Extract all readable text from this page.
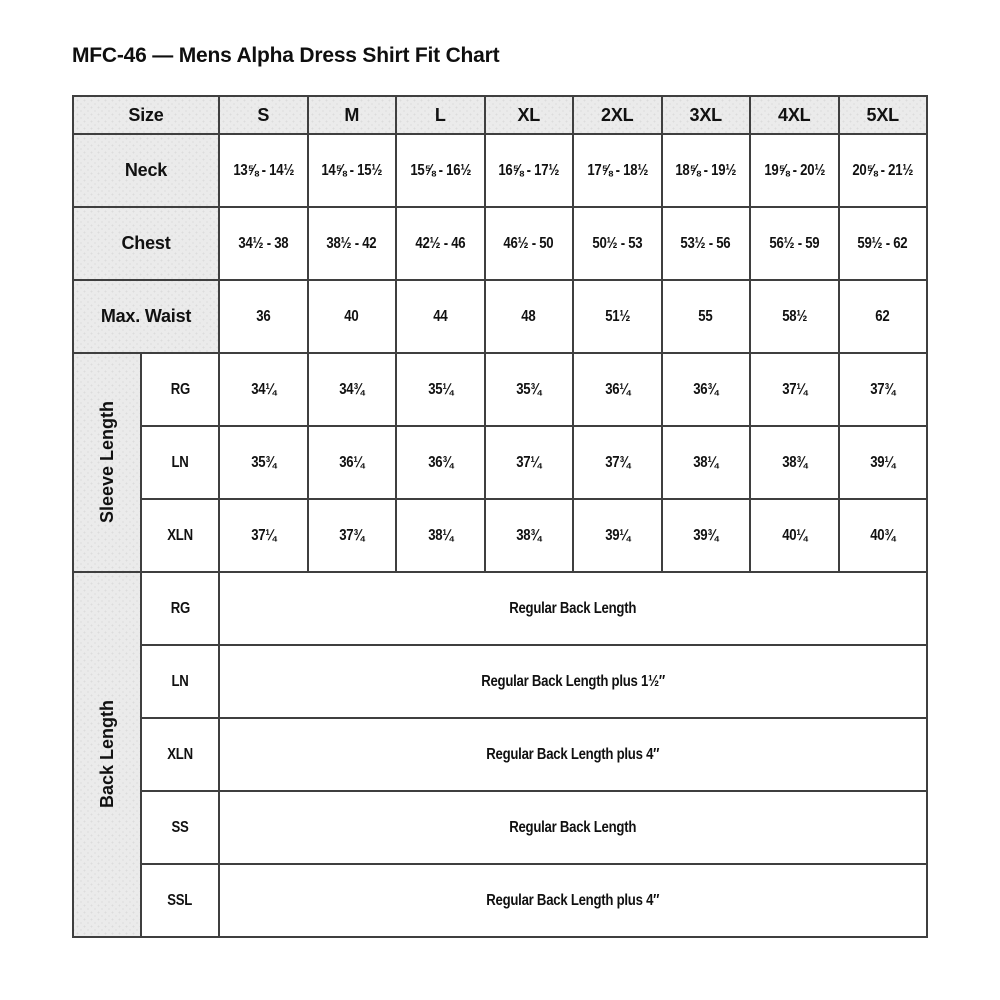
MFC-46 — Mens Alpha Dress Shirt Fit Chart
Size		S	M	L	XL	2XL	3XL	4XL	5XL
Neck		13⅝ - 14½	14⅝ - 15½	15⅝ - 16½	16⅝ - 17½	17⅝ - 18½	18⅝ - 19½	19⅝ - 20½	20⅝ - 21½
Chest		34½ - 38	38½ - 42	42½ - 46	46½ - 50	50½ - 53	53½ - 56	56½ - 59	59½ - 62
Max. Waist		36	40	44	48	51½	55	58½	62

Sleeve Length	RG	34¼	34¾	35¼	35¾	36¼	36¾	37¼	37¾
	LN	35¾	36¼	36¾	37¼	37¾	38¼	38¾	39¼
	XLN	37¼	37¾	38¼	38¾	39¼	39¾	40¼	40¾

Back Length	RG	Regular Back Length							
	LN	Regular Back Length plus 1½″							
	XLN	Regular Back Length plus 4″							
	SS	Regular Back Length							
	SSL	Regular Back Length plus 4″							
